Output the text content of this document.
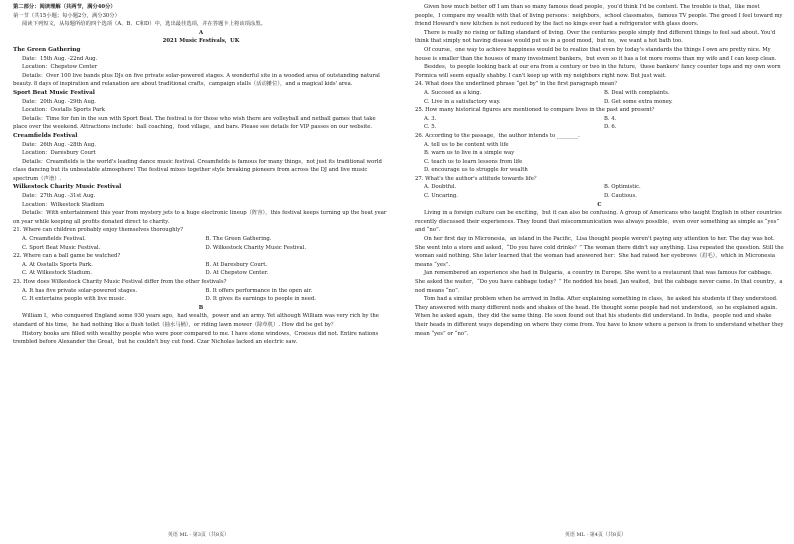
第二部分：阅读理解（共两节，满分40分）
第一节（共15小题；每小题2分，满分30分）
阅读下列短文，从每题所给的四个选项（A、B、C和D）中，选出最佳选项，并在答题卡上将该项涂黑。
A
2021 Music Festivals，UK
The Green Gathering
Date：15th Aug. -22nd Aug.
Location：Chepstow Center
Details：Over 100 live bands plus DJs on five private solar-powered stages. A wonderful site in a wooded area of outstanding natural beauty. 8 days of inspiration and relaxation are about traditional crafts，campaign stalls（活动摊位），and a magical kids' area.
Sport Beat Music Festival
Date：20th Aug. -29th Aug.
Location：Osstalls Sports Park
Details：Time for fun in the sun with Sport Beat. The festival is for those who wish there are volleyball and netball games that take place over the weekend. Attractions include：ball coaching，food village，and bars. Please see details for VIP passes on our website.
Creamfields Festival
Date：26th Aug. -28th Aug.
Location：Daresbury Court
Details：Creamfields is the world's leading dance music festival. Creamfields is famous for many things，not just its traditional world class dancing but its unbeatable atmosphere! The festival mixes together style breaking pioneers from across the DJ and live music spectrum（声谱）.
Wilkestock Charity Music Festival
Date：27th Aug. -31st Aug.
Location：Wilkestock Stadium
Details：With entertainment this year from mystery jets to a huge electronic lineup（阵容），this festival keeps turning up the heat year on year while keeping all profits donated direct to charity.
21. Where can children probably enjoy themselves thoroughly?
A. Creamfields Festival.	B. The Green Gathering.
C. Sport Beat Music Festival.	D. Wilkestock Charity Music Festival.
22. Where can a ball game be watched?
A. At Osstalls Sports Park.	B. At Daresbury Court.
C. At Wilkestock Stadium.	D. At Chepstow Center.
23. How does Wilkestock Charity Music Festival differ from the other festivals?
A. It has five private solar-powered stages.	B. It offers performance in the open air.
C. It entertains people with live music.	D. It gives its earnings to people in need.
B
William Ⅰ，who conquered England some 930 years ago，had wealth，power and an army. Yet although William was very rich by the standard of his time，he had nothing like a flush toilet（抽水马桶），or riding lawn mower（除草机）. How did he get by？
History books are filled with wealthy people who were poor compared to me. I have stone windows，Croesus did not. Entire nations trembled before Alexander the Great，but he couldn't buy cut food. Czar Nicholas lacked an electric saw.
英语 ML · 第3页（共8页）
Given how much better off I am than so many famous dead people，you'd think I'd be content. The trouble is that，like most people，I compare my wealth with that of living persons：neighbors，school classmates，famous TV people. The greed I feel toward my friend Howard's new kitchen is not reduced by the fact no kings ever had a refrigerator with glass doors.
There is really no rising or falling standard of living. Over the centuries people simply find different things to feel sad about. You'd think that simply not having disease would put us in a good mood，but no，we want a hot bath too.
Of course，one way to achieve happiness would be to realize that even by today's standards the things I own are pretty nice. My house is smaller than the houses of many investment bankers，but even so it has a lot more rooms than my wife and I can keep clean.
Besides，to people looking back at our era from a century or two in the future，these bankers' fancy counter tops and my own worn Formica will seem equally shabby. I can't keep up with my neighbors right now. But just wait.
24. What does the underlined phrase “get by” in the first paragraph mean？
A. Succeed as a king.	B. Deal with complaints.
C. Live in a satisfactory way.	D. Get some extra money.
25. How many historical figures are mentioned to compare lives in the past and present？
A. 3.	B. 4.
C. 5.	D. 6.
26. According to the passage，the author intends to ________.
A. tell us to be content with life
B. warn us to live in a simple way
C. teach us to learn lessons from life
D. encourage us to struggle for wealth
27. What's the author's attitude towards life？
A. Doubtful.	B. Optimistic.
C. Uncaring.	D. Cautious.
C
Living in a foreign culture can be exciting，but it can also be confusing. A group of Americans who taught English in other countries recently discussed their experiences. They found that miscommunication was always possible，even over something as simple as “yes” and “no”.
On her first day in Micronesia，an island in the Pacific，Lisa thought people weren't paying any attention to her. The day was hot. She went into a store and asked，“Do you have cold drinks？” The woman there didn't say anything. Lisa repeated the question. Still the woman said nothing. She later learned that the woman had answered her：She had raised her eyebrows（眉毛），which in Micronesia means “yes”.
Jan remembered an experience she had in Bulgaria，a country in Europe. She went to a restaurant that was famous for cabbage. She asked the waiter，“Do you have cabbage today？” He nodded his head. Jan waited，but the cabbage never came. In that country，a nod means “no”.
Tom had a similar problem when he arrived in India. After explaining something in class，he asked his students if they understood. They answered with many different nods and shakes of the head. He thought some people had not understood，so he explained again. When he asked again，they did the same thing. He soon found out that his students did understand. In India，people nod and shake their heads in different ways depending on where they come from. You have to know where a person is from to understand whether they mean “yes” or “no”.
英语 ML · 第4页（共8页）
